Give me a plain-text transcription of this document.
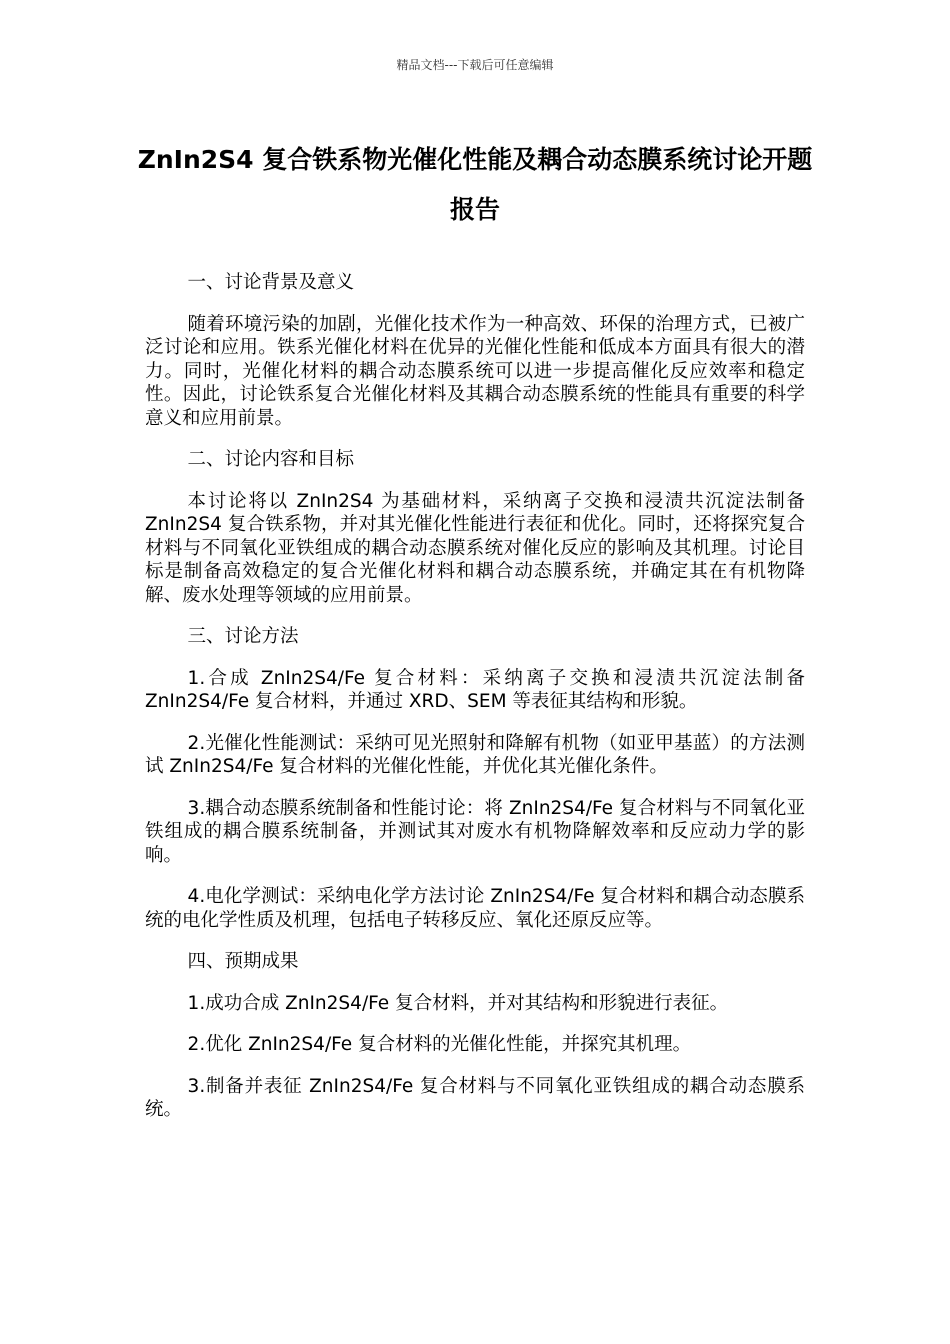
精品文档---下载后可任意编辑
ZnIn2S4 复合铁系物光催化性能及耦合动态膜系统讨论开题报告

一、讨论背景及意义

随着环境污染的加剧，光催化技术作为一种高效、环保的治理方式，已被广泛讨论和应用。铁系光催化材料在优异的光催化性能和低成本方面具有很大的潜力。同时，光催化材料的耦合动态膜系统可以进一步提高催化反应效率和稳定性。因此，讨论铁系复合光催化材料及其耦合动态膜系统的性能具有重要的科学意义和应用前景。

二、讨论内容和目标

本讨论将以 ZnIn2S4 为基础材料，采纳离子交换和浸渍共沉淀法制备 ZnIn2S4 复合铁系物，并对其光催化性能进行表征和优化。同时，还将探究复合材料与不同氧化亚铁组成的耦合动态膜系统对催化反应的影响及其机理。讨论目标是制备高效稳定的复合光催化材料和耦合动态膜系统，并确定其在有机物降解、废水处理等领域的应用前景。

三、讨论方法

1.合成 ZnIn2S4/Fe 复合材料：采纳离子交换和浸渍共沉淀法制备 ZnIn2S4/Fe 复合材料，并通过 XRD、SEM 等表征其结构和形貌。

2.光催化性能测试：采纳可见光照射和降解有机物（如亚甲基蓝）的方法测试 ZnIn2S4/Fe 复合材料的光催化性能，并优化其光催化条件。

3.耦合动态膜系统制备和性能讨论：将 ZnIn2S4/Fe 复合材料与不同氧化亚铁组成的耦合膜系统制备，并测试其对废水有机物降解效率和反应动力学的影响。

4.电化学测试：采纳电化学方法讨论 ZnIn2S4/Fe 复合材料和耦合动态膜系统的电化学性质及机理，包括电子转移反应、氧化还原反应等。

四、预期成果

1.成功合成 ZnIn2S4/Fe 复合材料，并对其结构和形貌进行表征。

2.优化 ZnIn2S4/Fe 复合材料的光催化性能，并探究其机理。

3.制备并表征 ZnIn2S4/Fe 复合材料与不同氧化亚铁组成的耦合动态膜系统。
